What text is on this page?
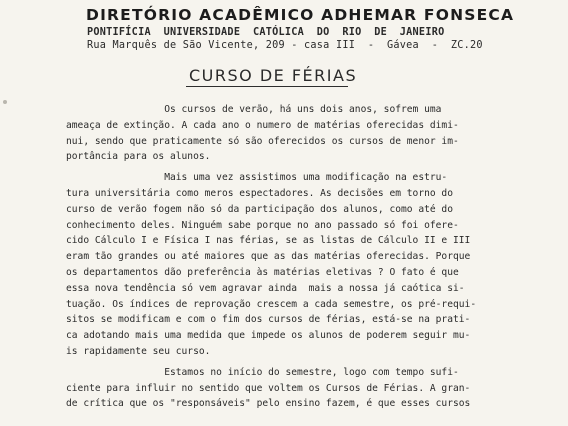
DIRETÓRIO ACADÊMICO ADHEMAR FONSECA
PONTIFÍCIA  UNIVERSIDADE  CATÓLICA  DO  RIO  DE  JANEIRO
Rua Marquês de São Vicente, 209 - casa III  -  Gávea  -  ZC.20
CURSO DE FÉRIAS
Os cursos de verão, há uns dois anos, sofrem uma
ameaça de extinção. A cada ano o numero de matérias oferecidas dimi-
nui, sendo que praticamente só são oferecidos os cursos de menor im-
portância para os alunos.
Mais uma vez assistimos uma modificação na estru-
tura universitária como meros espectadores. As decisões em torno do
curso de verão fogem não só da participação dos alunos, como até do
conhecimento deles. Ninguém sabe porque no ano passado só foi ofere-
cido Cálculo I e Física I nas férias, se as listas de Cálculo II e III
eram tão grandes ou até maiores que as das matérias oferecidas. Porque
os departamentos dão preferência às matérias eletivas ? O fato é que
essa nova tendência só vem agravar ainda  mais a nossa já caótica si-
tuação. Os índices de reprovação crescem a cada semestre, os pré-requi-
sitos se modificam e com o fim dos cursos de férias, está-se na prati-
ca adotando mais uma medida que impede os alunos de poderem seguir mu-
is rapidamente seu curso.
Estamos no início do semestre, logo com tempo sufi-
ciente para influir no sentido que voltem os Cursos de Férias. A gran-
de crítica que os "responsáveis" pelo ensino fazem, é que esses cursos
